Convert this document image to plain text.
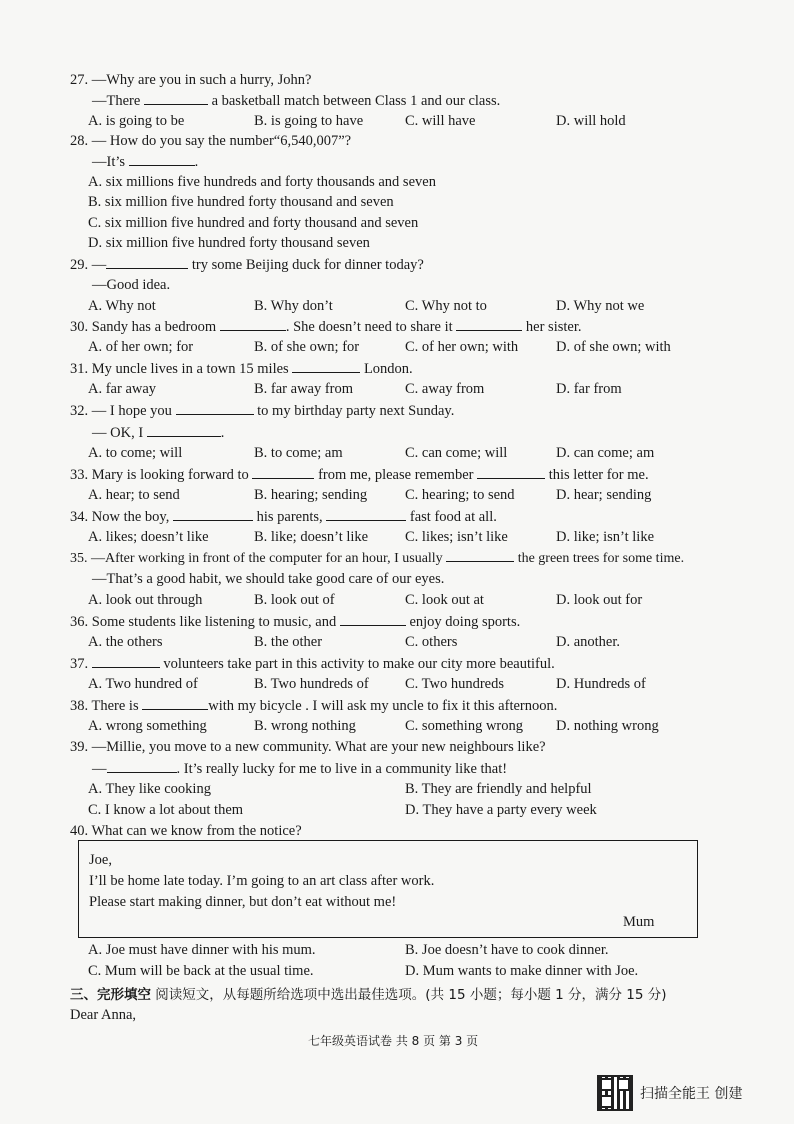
27. —Why are you in such a hurry, John?
—There	a basketball match between Class 1 and our class.
A. is going to be	B. is going to have	C. will have	D. will hold
28. — How do you say the number“6,540,007”?
—It’s	.
A. six millions five hundreds and forty thousands and seven
B. six million five hundred forty thousand and seven
C. six million five hundred and forty thousand and seven
D. six million five hundred forty thousand seven
29. —	try some Beijing duck for dinner today?
—Good idea.
A. Why not	B. Why don’t	C. Why not to	D. Why not we
30. Sandy has a bedroom	. She doesn’t need to share it	her sister.
A. of her own; for	B. of she own; for	C. of her own; with	D. of she own; with
31. My uncle lives in a town 15 miles	London.
A. far away	B. far away from	C. away from	D. far from
32. — I hope you	to my birthday party next Sunday.
— OK, I	.
A. to come; will	B. to come; am	C. can come; will	D. can come; am
33. Mary is looking forward to	from me, please remember	this letter for me.
A. hear; to send	B. hearing; sending	C. hearing; to send	D. hear; sending
34. Now the boy,	his parents,	fast food at all.
A. likes; doesn’t like	B. like; doesn’t like	C. likes; isn’t like	D. like; isn’t like
35. —After working in front of the computer for an hour, I usually	the green trees for some time.
—That’s a good habit, we should take good care of our eyes.
A. look out through	B. look out of	C. look out at	D. look out for
36. Some students like listening to music, and	enjoy doing sports.
A. the others	B. the other	C. others	D. another.
37.	volunteers take part in this activity to make our city more beautiful.
A. Two hundred of	B. Two hundreds of	C. Two hundreds	D. Hundreds of
38. There is	with my bicycle . I will ask my uncle to fix it this afternoon.
A. wrong something	B. wrong nothing	C. something wrong D. nothing wrong
39. —Millie, you move to a new community. What are your new neighbours like?
—	. It’s really lucky for me to live in a community like that!
A. They like cooking	B. They are friendly and helpful
C. I know a lot about them	D. They have a party every week
40. What can we know from the notice?
Joe,
I’ll be home late today. I’m going to an art class after work.
Please start making dinner, but don’t eat without me!
Mum
A. Joe must have dinner with his mum.	B. Joe doesn’t have to cook dinner.
C. Mum will be back at the usual time.	D. Mum wants to make dinner with Joe.
三、完形填空 阅读短文，从每题所给选项中选出最佳选项。(共 15 小题；每小题 1 分，满分 15 分)
Dear Anna,
七年级英语试卷 共 8 页 第 3 页
扫描全能王 创建
